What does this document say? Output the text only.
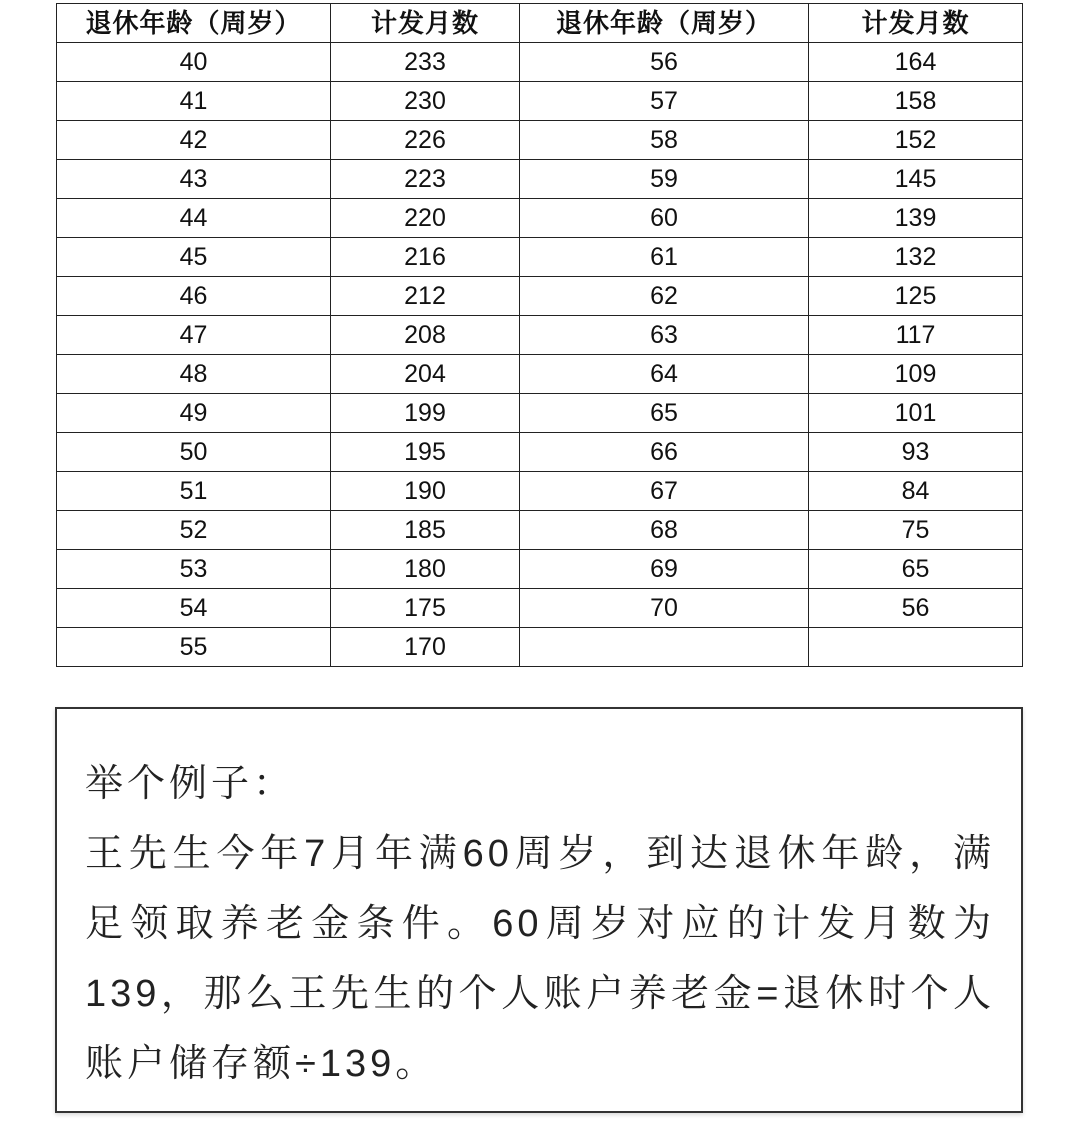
退休年龄（周岁）	计发月数	退休年龄（周岁）	计发月数
40	233	56	164
41	230	57	158
42	226	58	152
43	223	59	145
44	220	60	139
45	216	61	132
46	212	62	125
47	208	63	117
48	204	64	109
49	199	65	101
50	195	66	93
51	190	67	84
52	185	68	75
53	180	69	65
54	175	70	56
55	170		

举个例子：

王先生今年7月年满60周岁，到达退休年龄，满足领取养老金条件。60周岁对应的计发月数为139，那么王先生的个人账户养老金=退休时个人账户储存额÷139。
